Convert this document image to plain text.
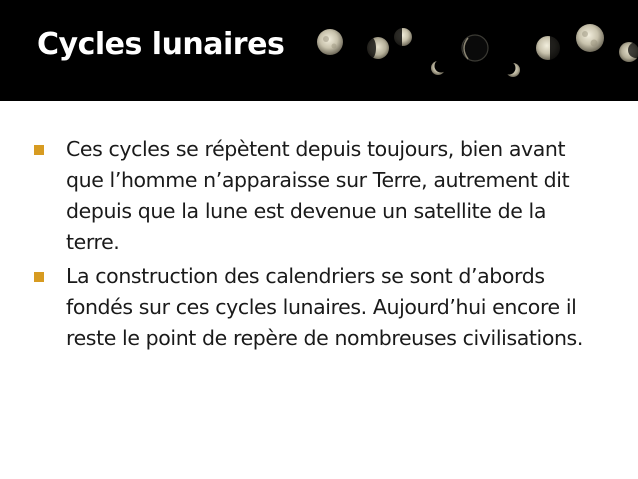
Cycles lunaires
Ces cycles se répètent depuis toujours, bien avant que l’homme n’apparaisse sur Terre, autrement dit depuis que la lune est devenue un satellite de la terre.
La construction des calendriers se sont d’abords fondés sur ces cycles lunaires. Aujourd’hui encore il reste le point de repère de nombreuses civilisations.
